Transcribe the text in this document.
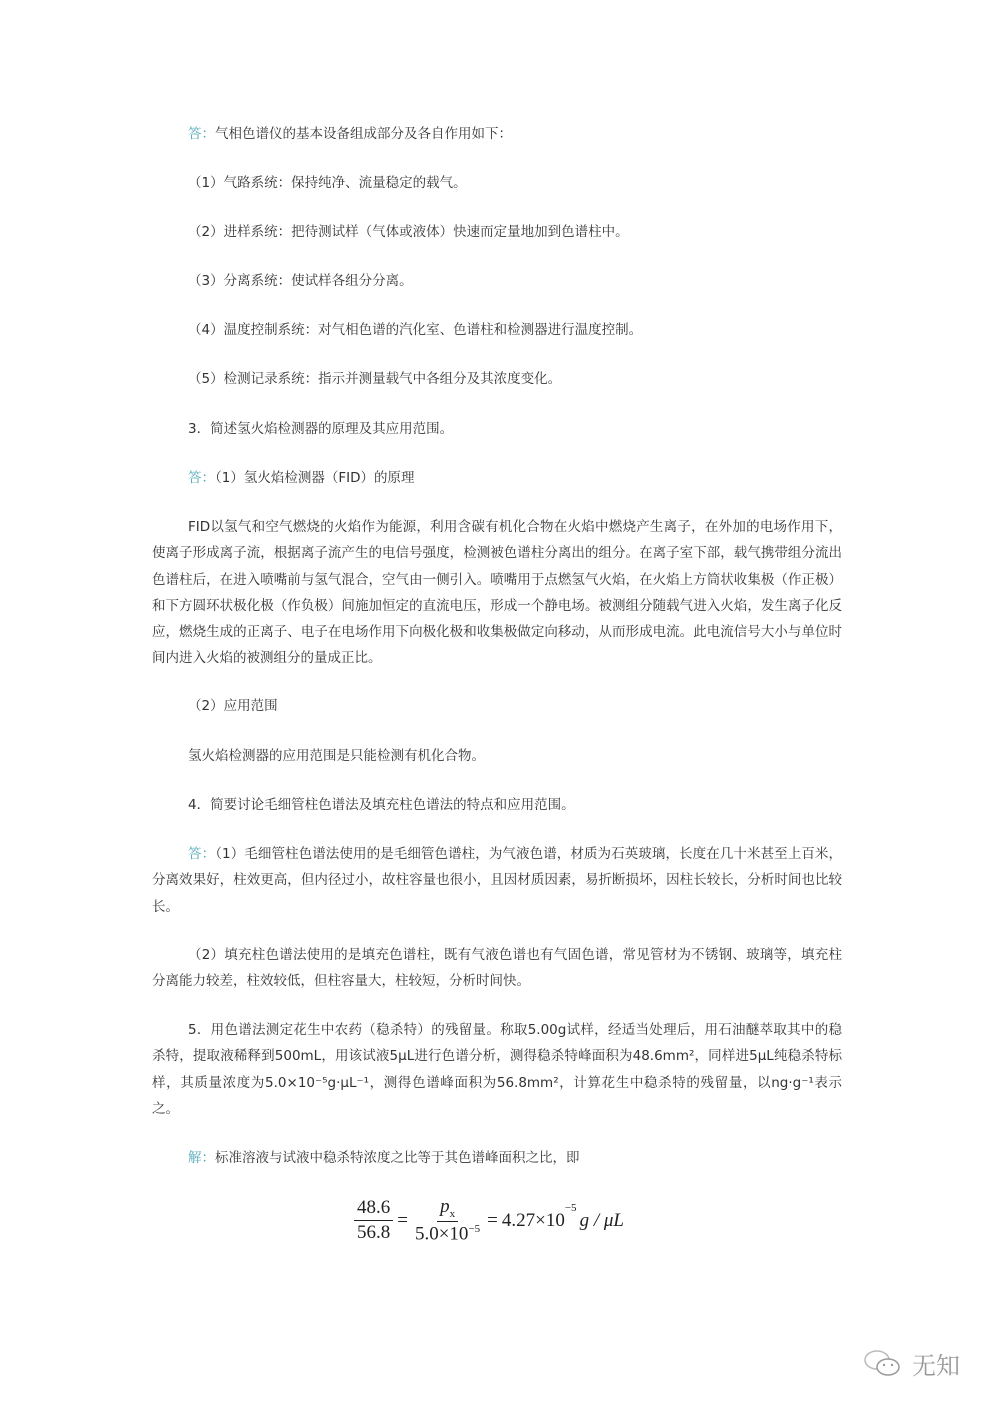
答：气相色谱仪的基本设备组成部分及各自作用如下：
（1）气路系统：保持纯净、流量稳定的载气。
（2）进样系统：把待测试样（气体或液体）快速而定量地加到色谱柱中。
（3）分离系统：使试样各组分分离。
（4）温度控制系统：对气相色谱的汽化室、色谱柱和检测器进行温度控制。
（5）检测记录系统：指示并测量载气中各组分及其浓度变化。
3．简述氢火焰检测器的原理及其应用范围。
答：（1）氢火焰检测器（FID）的原理
FID以氢气和空气燃烧的火焰作为能源，利用含碳有机化合物在火焰中燃烧产生离子，在外加的电场作用下，使离子形成离子流，根据离子流产生的电信号强度，检测被色谱柱分离出的组分。在离子室下部，载气携带组分流出色谱柱后，在进入喷嘴前与氢气混合，空气由一侧引入。喷嘴用于点燃氢气火焰，在火焰上方筒状收集极（作正极）和下方圆环状极化极（作负极）间施加恒定的直流电压，形成一个静电场。被测组分随载气进入火焰，发生离子化反应，燃烧生成的正离子、电子在电场作用下向极化极和收集极做定向移动，从而形成电流。此电流信号大小与单位时间内进入火焰的被测组分的量成正比。
（2）应用范围
氢火焰检测器的应用范围是只能检测有机化合物。
4．简要讨论毛细管柱色谱法及填充柱色谱法的特点和应用范围。
答：（1）毛细管柱色谱法使用的是毛细管色谱柱，为气液色谱，材质为石英玻璃，长度在几十米甚至上百米，分离效果好，柱效更高，但内径过小，故柱容量也很小，且因材质因素，易折断损坏，因柱长较长，分析时间也比较长。
（2）填充柱色谱法使用的是填充色谱柱，既有气液色谱也有气固色谱，常见管材为不锈钢、玻璃等，填充柱分离能力较差，柱效较低，但柱容量大，柱较短，分析时间快。
5．用色谱法测定花生中农药（稳杀特）的残留量。称取5.00g试样，经适当处理后，用石油醚萃取其中的稳杀特，提取液稀释到500mL，用该试液5μL进行色谱分析，测得稳杀特峰面积为48.6mm²，同样进5μL纯稳杀特标样，其质量浓度为5.0×10⁻⁵g·μL⁻¹，测得色谱峰面积为56.8mm²，计算花生中稳杀特的残留量，以ng·g⁻¹表示之。
解：标准溶液与试液中稳杀特浓度之比等于其色谱峰面积之比，即
$\frac{48.6}{56.8} = \frac{p_x}{5.0\times 10^{-5}} = 4.27\times 10$
$^{-5}$
g / μL
无知
